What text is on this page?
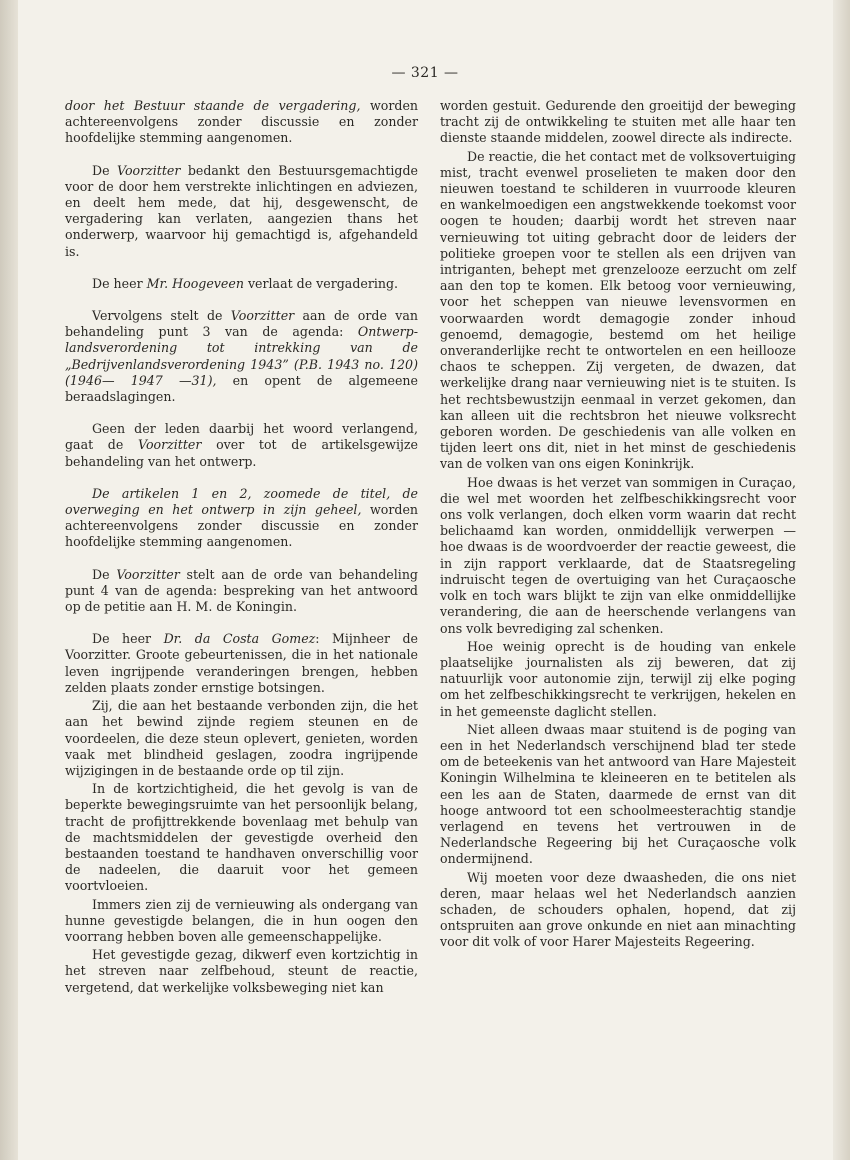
— 321 —

door het Bestuur staande de vergadering, worden achtereenvolgens zonder discussie en zonder hoofdelijke stemming aangenomen.

De Voorzitter bedankt den Bestuursgemachtigde voor de door hem verstrekte inlichtingen en adviezen, en deelt hem mede, dat hij, desgewenscht, de vergadering kan verlaten, aangezien thans het onderwerp, waarvoor hij gemachtigd is, afgehandeld is.

De heer Mr. Hoogeveen verlaat de vergadering.

Vervolgens stelt de Voorzitter aan de orde van behandeling punt 3 van de agenda: Ontwerp-landsverordening tot intrekking van de „Bedrijvenlandsverordening 1943” (P.B. 1943 no. 120) (1946— 1947 —31), en opent de algemeene beraadslagingen.

Geen der leden daarbij het woord verlangend, gaat de Voorzitter over tot de artikelsgewijze behandeling van het ontwerp.

De artikelen 1 en 2, zoomede de titel, de overweging en het ontwerp in zijn geheel, worden achtereenvolgens zonder discussie en zonder hoofdelijke stemming aangenomen.

De Voorzitter stelt aan de orde van behandeling punt 4 van de agenda: bespreking van het antwoord op de petitie aan H. M. de Koningin.

De heer Dr. da Costa Gomez: Mijnheer de Voorzitter. Groote gebeurtenissen, die in het nationale leven ingrijpende veranderingen brengen, hebben zelden plaats zonder ernstige botsingen.

Zij, die aan het bestaande verbonden zijn, die het aan het bewind zijnde regiem steunen en de voordeelen, die deze steun oplevert, genieten, worden vaak met blindheid geslagen, zoodra ingrijpende wijzigingen in de bestaande orde op til zijn.

In de kortzichtigheid, die het gevolg is van de beperkte bewegingsruimte van het persoonlijk belang, tracht de profijttrekkende bovenlaag met behulp van de machtsmiddelen der gevestigde overheid den bestaanden toestand te handhaven onverschillig voor de nadeelen, die daaruit voor het gemeen voortvloeien.

Immers zien zij de vernieuwing als ondergang van hunne gevestigde belangen, die in hun oogen den voorrang hebben boven alle gemeenschappelijke.

Het gevestigde gezag, dikwerf even kortzichtig in het streven naar zelfbehoud, steunt de reactie, vergetend, dat werkelijke volksbeweging niet kan

worden gestuit. Gedurende den groeitijd der beweging tracht zij de ontwikkeling te stuiten met alle haar ten dienste staande middelen, zoowel directe als indirecte.

De reactie, die het contact met de volksovertuiging mist, tracht evenwel proselieten te maken door den nieuwen toestand te schilderen in vuurroode kleuren en wankelmoedigen een angstwekkende toekomst voor oogen te houden; daarbij wordt het streven naar vernieuwing tot uiting gebracht door de leiders der politieke groepen voor te stellen als een drijven van intriganten, behept met grenzelooze eerzucht om zelf aan den top te komen. Elk betoog voor vernieuwing, voor het scheppen van nieuwe levensvormen en voorwaarden wordt demagogie zonder inhoud genoemd, demagogie, bestemd om het heilige onveranderlijke recht te ontwortelen en een heillooze chaos te scheppen. Zij vergeten, de dwazen, dat werkelijke drang naar vernieuwing niet is te stuiten. Is het rechtsbewustzijn eenmaal in verzet gekomen, dan kan alleen uit die rechtsbron het nieuwe volksrecht geboren worden. De geschiedenis van alle volken en tijden leert ons dit, niet in het minst de geschiedenis van de volken van ons eigen Koninkrijk.

Hoe dwaas is het verzet van sommigen in Curaçao, die wel met woorden het zelfbeschikkingsrecht voor ons volk verlangen, doch elken vorm waarin dat recht belichaamd kan worden, onmiddellijk verwerpen — hoe dwaas is de woordvoerder der reactie geweest, die in zijn rapport verklaarde, dat de Staatsregeling indruischt tegen de overtuiging van het Curaçaosche volk en toch wars blijkt te zijn van elke onmiddellijke verandering, die aan de heerschende verlangens van ons volk bevrediging zal schenken.

Hoe weinig oprecht is de houding van enkele plaatselijke journalisten als zij beweren, dat zij natuurlijk voor autonomie zijn, terwijl zij elke poging om het zelfbeschikkingsrecht te verkrijgen, hekelen en in het gemeenste daglicht stellen.

Niet alleen dwaas maar stuitend is de poging van een in het Nederlandsch verschijnend blad ter stede om de beteekenis van het antwoord van Hare Majesteit Koningin Wilhelmina te kleineeren en te betitelen als een les aan de Staten, daarmede de ernst van dit hooge antwoord tot een schoolmeesterachtig standje verlagend en tevens het vertrouwen in de Nederlandsche Regeering bij het Curaçaosche volk ondermijnend.

Wij moeten voor deze dwaasheden, die ons niet deren, maar helaas wel het Nederlandsch aanzien schaden, de schouders ophalen, hopend, dat zij ontspruiten aan grove onkunde en niet aan minachting voor dit volk of voor Harer Majesteits Regeering.
